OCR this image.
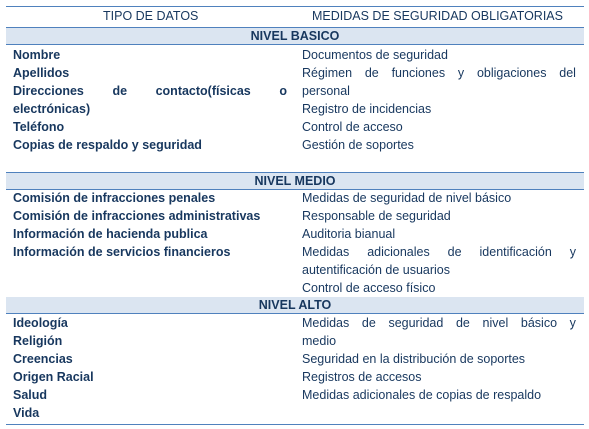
TIPO DE DATOS	MEDIDAS DE SEGURIDAD OBLIGATORIAS
NIVEL BASICO
Nombre
Apellidos
Direcciones de contacto(físicas o
electrónicas)
Teléfono
Copias de respaldo y seguridad
Documentos de seguridad
Régimen de funciones y obligaciones del
personal
Registro de incidencias
Control de acceso
Gestión de soportes
NIVEL MEDIO
Comisión de infracciones penales
Comisión de infracciones administrativas
Información de hacienda publica
Información de servicios financieros
Medidas de seguridad de nivel básico
Responsable de seguridad
Auditoria bianual
Medidas adicionales de identificación y
autentificación de usuarios
Control de acceso físico
NIVEL ALTO
Ideología
Religión
Creencias
Origen Racial
Salud
Vida
Medidas de seguridad de nivel básico y
medio
Seguridad en la distribución de soportes
Registros de accesos
Medidas adicionales de copias de respaldo
